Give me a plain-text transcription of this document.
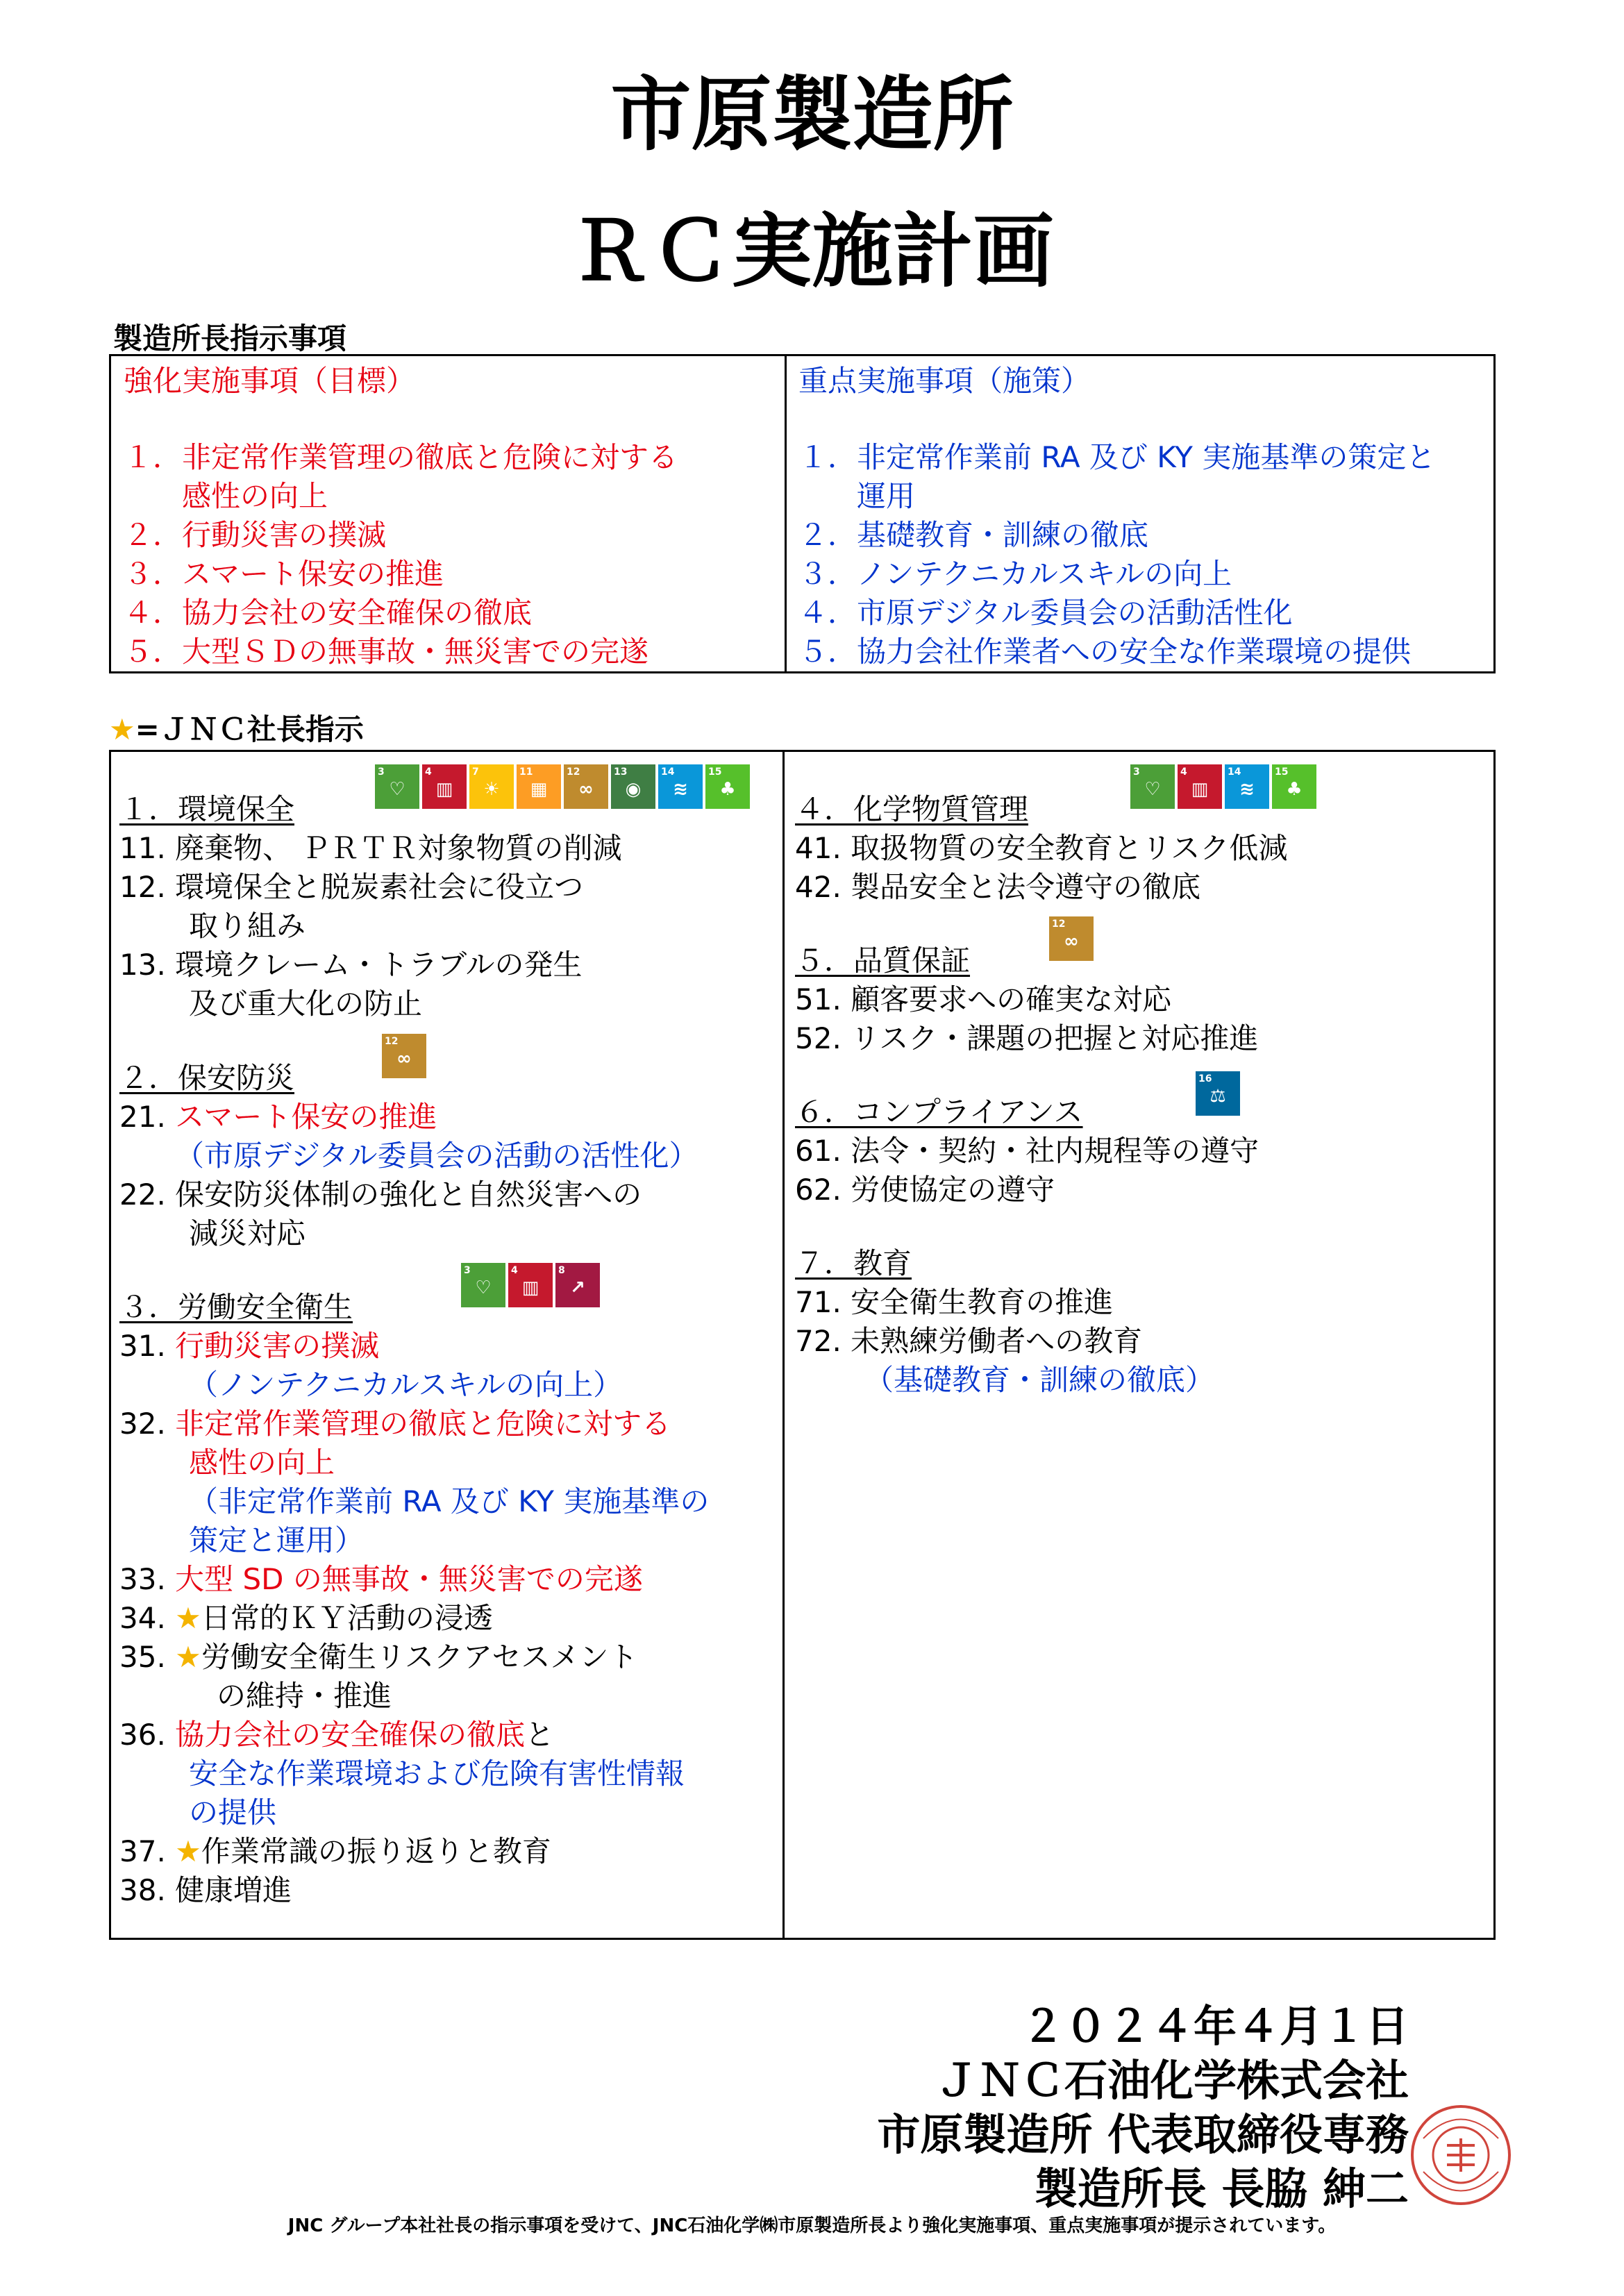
市原製造所
ＲＣ実施計画
製造所長指示事項
強化実施事項（目標）
１．非定常作業管理の徹底と危険に対する
　　感性の向上
２．行動災害の撲滅
３．スマート保安の推進
４．協力会社の安全確保の徹底
５．大型ＳＤの無事故・無災害での完遂
重点実施事項（施策）
１．非定常作業前 RA 及び KY 実施基準の策定と
　　運用
２．基礎教育・訓練の徹底
３．ノンテクニカルスキルの向上
４．市原デジタル委員会の活動活性化
５．協力会社作業者への安全な作業環境の提供
★=ＪＮＣ社長指示
１．環境保全
3
♡
4
▥
7
☀
11
▦
12
∞
13
◉
14
≋
15
♣
11. 廃棄物、 ＰＲＴＲ対象物質の削減
12. 環境保全と脱炭素社会に役立つ
取り組み
13. 環境クレーム・トラブルの発生
及び重大化の防止
２．保安防災
12
∞
21. スマート保安の推進
（市原デジタル委員会の活動の活性化）
22. 保安防災体制の強化と自然災害への
減災対応
３．労働安全衛生
3
♡
4
▥
8
↗
31. 行動災害の撲滅
（ノンテクニカルスキルの向上）
32. 非定常作業管理の徹底と危険に対する
感性の向上
（非定常作業前 RA 及び KY 実施基準の
策定と運用）
33. 大型 SD の無事故・無災害での完遂
34. ★日常的ＫＹ活動の浸透
35. ★労働安全衛生リスクアセスメント
の維持・推進
36. 協力会社の安全確保の徹底と
安全な作業環境および危険有害性情報
の提供
37. ★作業常識の振り返りと教育
38. 健康増進
４．化学物質管理
3
♡
4
▥
14
≋
15
♣
41. 取扱物質の安全教育とリスク低減
42. 製品安全と法令遵守の徹底
５．品質保証
12
∞
51. 顧客要求への確実な対応
52. リスク・課題の把握と対応推進
６．コンプライアンス
16
⚖
61. 法令・契約・社内規程等の遵守
62. 労使協定の遵守
７．教育
71. 安全衛生教育の推進
72. 未熟練労働者への教育
（基礎教育・訓練の徹底）
２０２４年４月１日
ＪＮＣ石油化学株式会社
市原製造所 代表取締役専務
製造所長 長脇 紳二
JNC グループ本社社長の指示事項を受けて、JNC石油化学㈱市原製造所長より強化実施事項、重点実施事項が提示されています。
